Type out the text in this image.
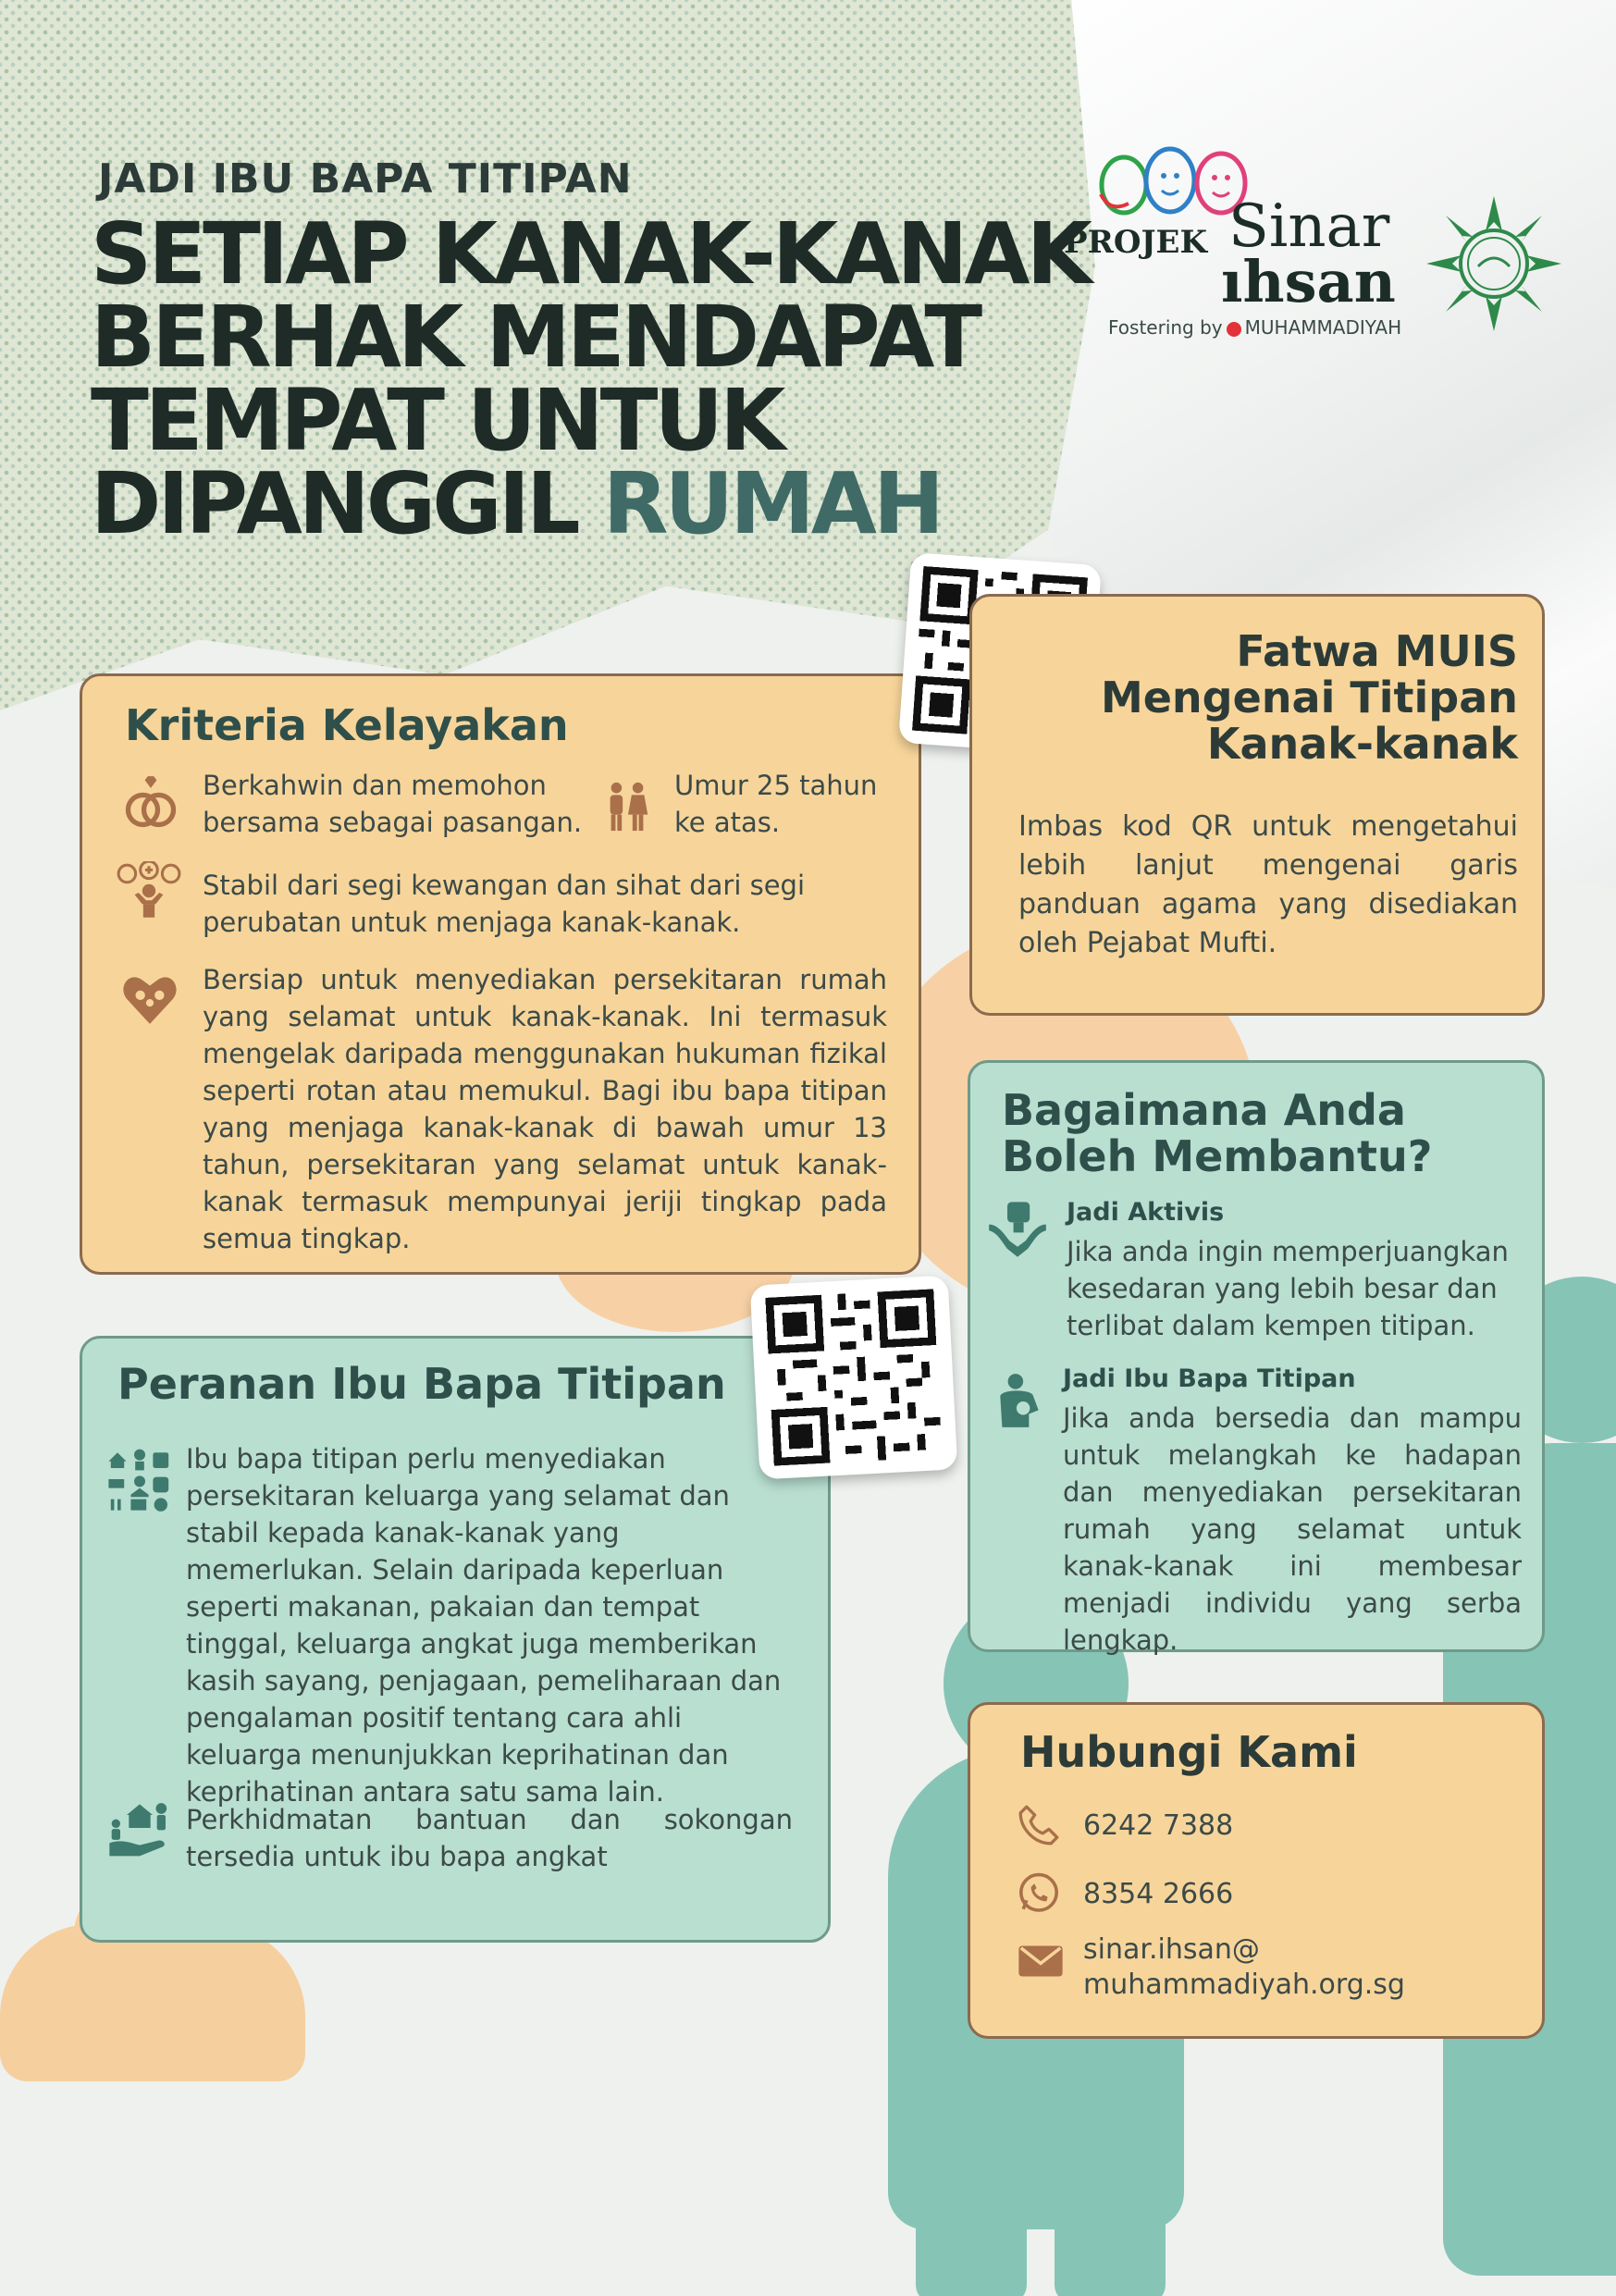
JADI IBU BAPA TITIPAN
SETIAP KANAK-KANAK
BERHAK MENDAPAT
TEMPAT UNTUK
DIPANGGIL RUMAH
PROJEK Sinar
ıhsan
Fostering by MUHAMMADIYAH
Kriteria Kelayakan
Berkahwin dan memohon bersama sebagai pasangan.
Umur 25 tahun ke atas.
Stabil dari segi kewangan dan sihat dari segi perubatan untuk menjaga kanak-kanak.
Bersiap untuk menyediakan persekitaran rumah yang selamat untuk kanak-kanak. Ini termasuk mengelak daripada menggunakan hukuman fizikal seperti rotan atau memukul. Bagi ibu bapa titipan yang menjaga kanak-kanak di bawah umur 13 tahun, persekitaran yang selamat untuk kanak-kanak termasuk mempunyai jeriji tingkap pada semua tingkap.
Fatwa MUIS
Mengenai Titipan
Kanak-kanak
Imbas kod QR untuk mengetahui lebih lanjut mengenai garis panduan agama yang disediakan oleh Pejabat Mufti.
Bagaimana Anda
Boleh Membantu?
Jadi Aktivis
Jika anda ingin memperjuangkan kesedaran yang lebih besar dan terlibat dalam kempen titipan.
Jadi Ibu Bapa Titipan
Jika anda bersedia dan mampu untuk melangkah ke hadapan dan menyediakan persekitaran rumah yang selamat untuk kanak-kanak ini membesar menjadi individu yang serba lengkap.
Peranan Ibu Bapa Titipan
Ibu bapa titipan perlu menyediakan persekitaran keluarga yang selamat dan stabil kepada kanak-kanak yang memerlukan. Selain daripada keperluan seperti makanan, pakaian dan tempat tinggal, keluarga angkat juga memberikan kasih sayang, penjagaan, pemeliharaan dan pengalaman positif tentang cara ahli keluarga menunjukkan keprihatinan dan keprihatinan antara satu sama lain.
Perkhidmatan bantuan dan sokongan tersedia untuk ibu bapa angkat
Hubungi Kami
6242 7388
8354 2666
sinar.ihsan@
muhammadiyah.org.sg
